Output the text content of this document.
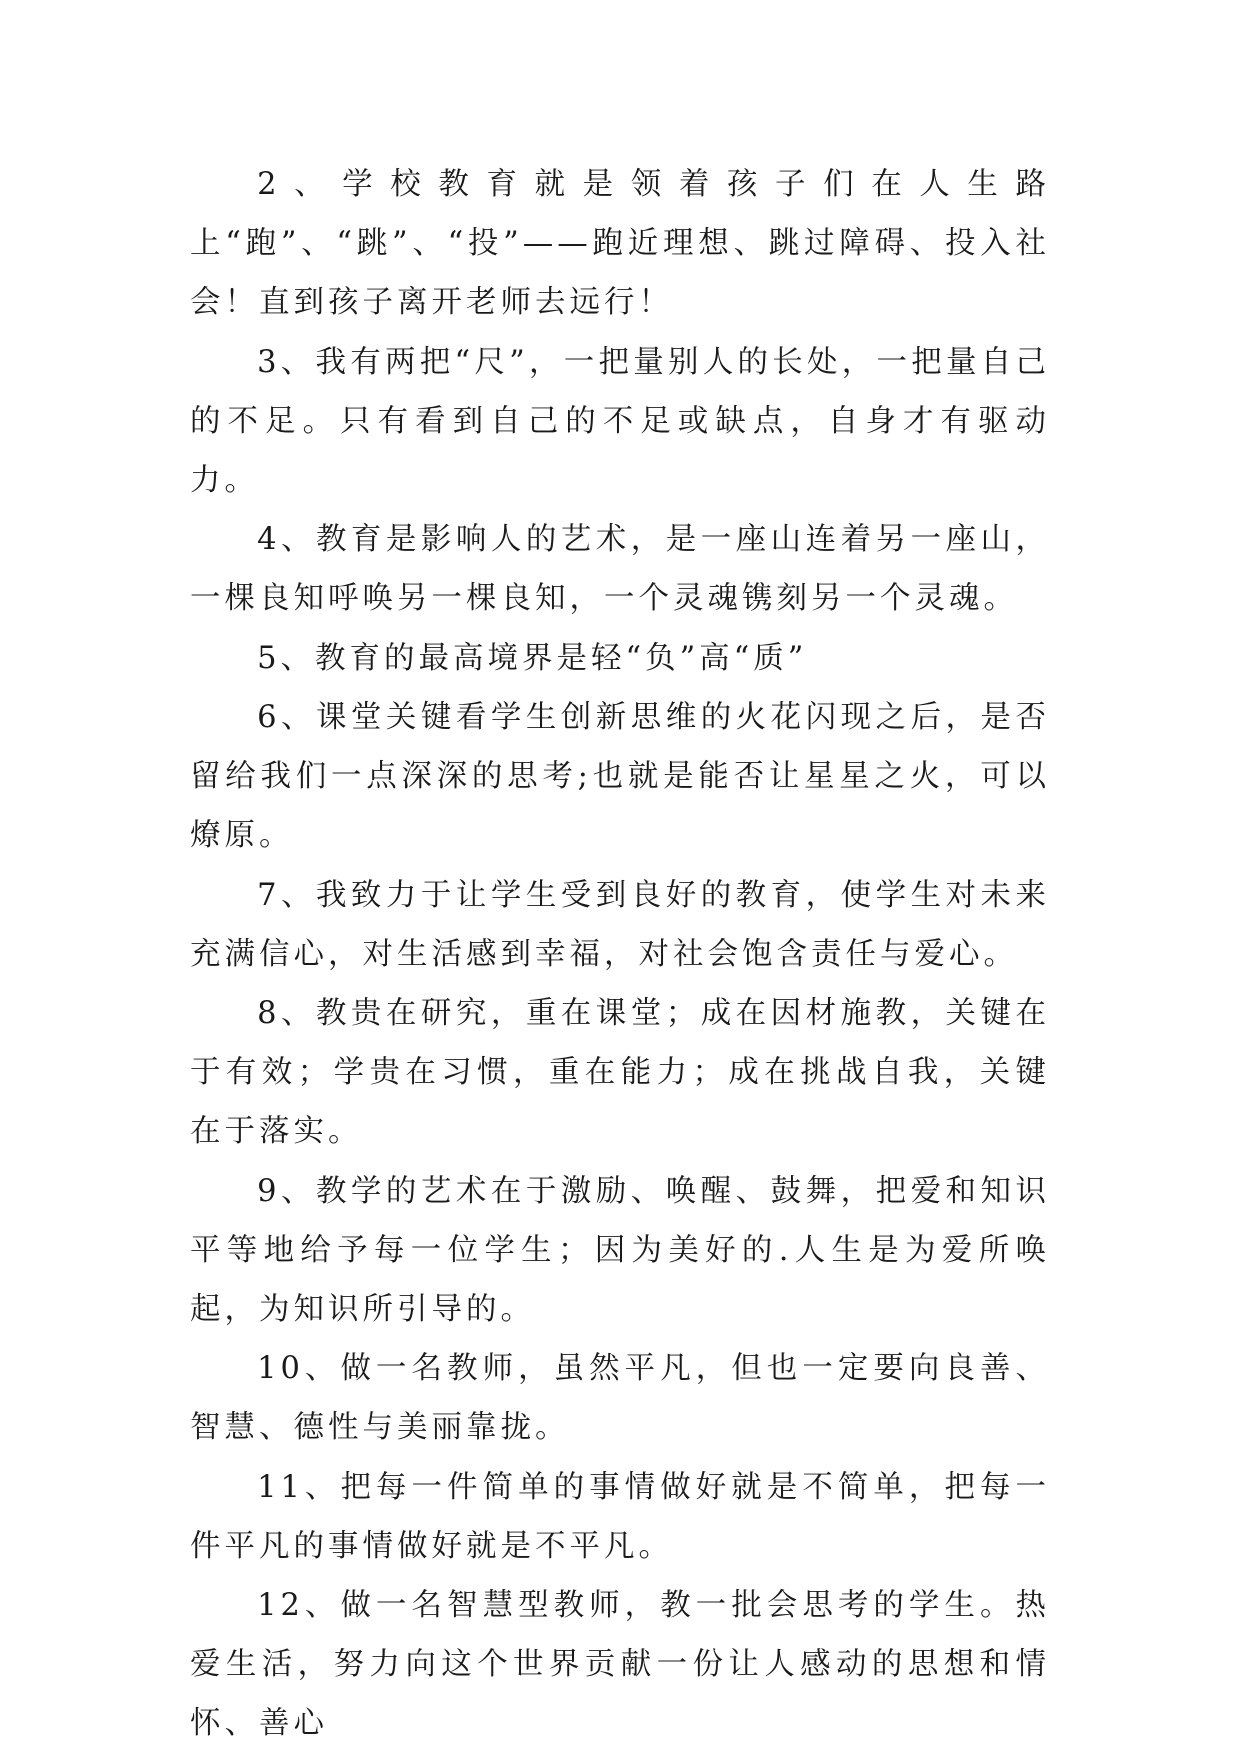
2、学校教育就是领着孩子们在人生路上“跑”、“跳”、“投”——跑近理想、跳过障碍、投入社会！直到孩子离开老师去远行！

3、我有两把“尺”，一把量别人的长处，一把量自己的不足。只有看到自己的不足或缺点，自身才有驱动力。

4、教育是影响人的艺术，是一座山连着另一座山，一棵良知呼唤另一棵良知，一个灵魂镌刻另一个灵魂。

5、教育的最高境界是轻“负”高“质”

6、课堂关键看学生创新思维的火花闪现之后，是否留给我们一点深深的思考;也就是能否让星星之火，可以燎原。

7、我致力于让学生受到良好的教育，使学生对未来充满信心，对生活感到幸福，对社会饱含责任与爱心。

8、教贵在研究，重在课堂；成在因材施教，关键在于有效；学贵在习惯，重在能力；成在挑战自我，关键在于落实。

9、教学的艺术在于激励、唤醒、鼓舞，把爱和知识平等地给予每一位学生；因为美好的.人生是为爱所唤起，为知识所引导的。

10、做一名教师，虽然平凡，但也一定要向良善、智慧、德性与美丽靠拢。

11、把每一件简单的事情做好就是不简单，把每一件平凡的事情做好就是不平凡。

12、做一名智慧型教师，教一批会思考的学生。热爱生活，努力向这个世界贡献一份让人感动的思想和情怀、善心
